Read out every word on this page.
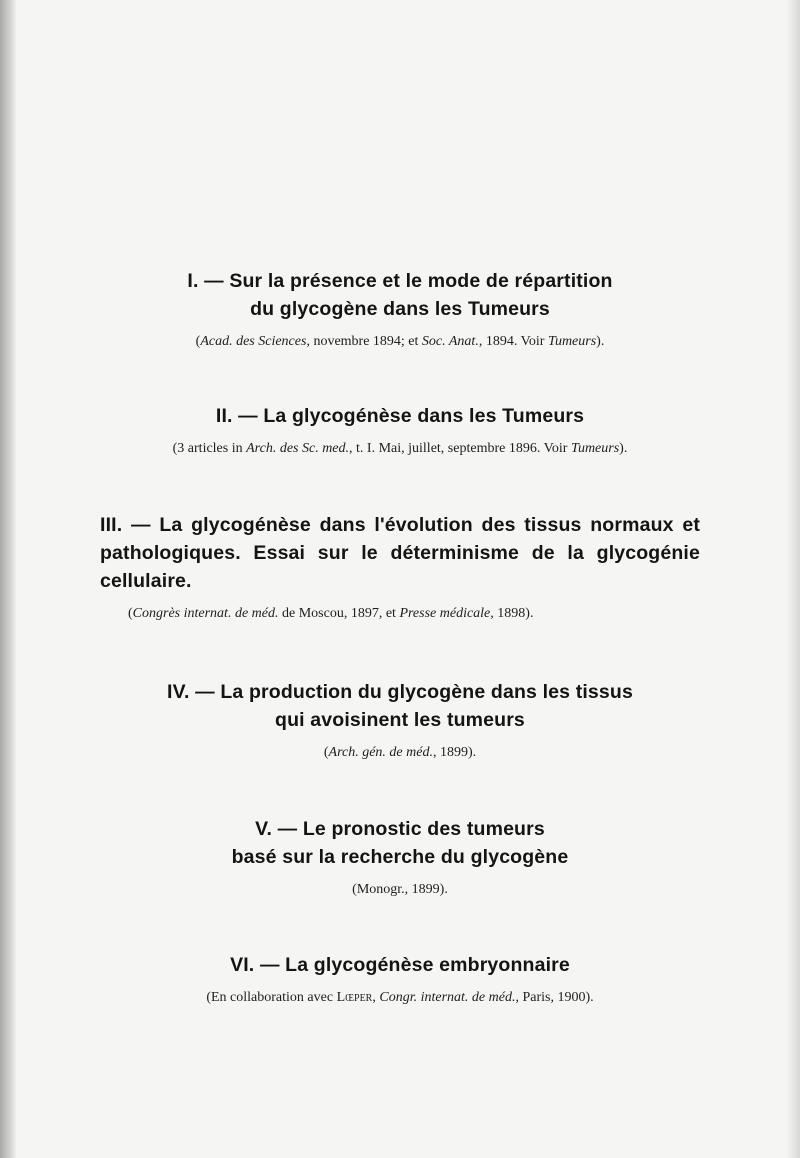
I. — Sur la présence et le mode de répartition
du glycogène dans les Tumeurs
(Acad. des Sciences, novembre 1894; et Soc. Anat., 1894. Voir Tumeurs).
II. — La glycogénèse dans les Tumeurs
(3 articles in Arch. des Sc. med., t. I. Mai, juillet, septembre 1896. Voir Tumeurs).
III. — La glycogénèse dans l'évolution des tissus normaux et pathologiques. Essai sur le déterminisme de la glycogénie cellulaire.
(Congrès internat. de méd. de Moscou, 1897, et Presse médicale, 1898).
IV. — La production du glycogène dans les tissus
qui avoisinent les tumeurs
(Arch. gén. de méd., 1899).
V. — Le pronostic des tumeurs
basé sur la recherche du glycogène
(Monogr., 1899).
VI. — La glycogénèse embryonnaire
(En collaboration avec Lœper, Congr. internat. de méd., Paris, 1900).
